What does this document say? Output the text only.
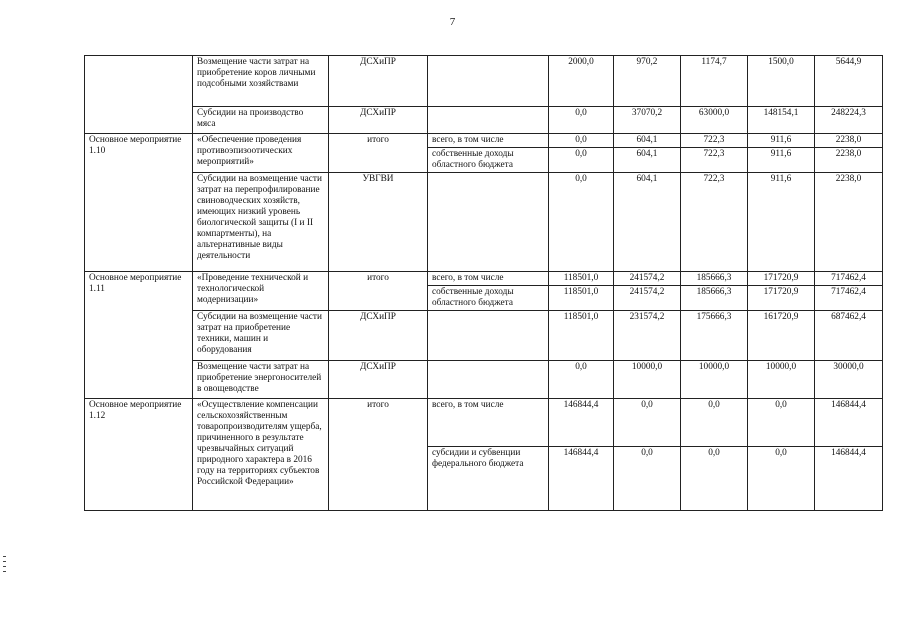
7
	Возмещение части затрат на приобретение коров личными подсобными хозяйствами	ДСХиПР		2000,0	970,2	1174,7	1500,0	5644,9
	Субсидии на производство мяса	ДСХиПР		0,0	37070,2	63000,0	148154,1	248224,3
Основное мероприятие 1.10	«Обеспечение проведения противоэпизоотических мероприятий»	итого	всего, в том числе	0,0	604,1	722,3	911,6	2238,0
			собственные доходы областного бюджета	0,0	604,1	722,3	911,6	2238,0
	Субсидии на возмещение части затрат на перепрофилирование свиноводческих хозяйств, имеющих низкий уровень биологической защиты (I и II компартменты), на альтернативные виды деятельности	УВГВИ		0,0	604,1	722,3	911,6	2238,0
Основное мероприятие 1.11	«Проведение технической и технологической модернизации»	итого	всего, в том числе	118501,0	241574,2	185666,3	171720,9	717462,4
			собственные доходы областного бюджета	118501,0	241574,2	185666,3	171720,9	717462,4
	Субсидии на возмещение части затрат на приобретение техники, машин и оборудования	ДСХиПР		118501,0	231574,2	175666,3	161720,9	687462,4
	Возмещение части затрат на приобретение энергоносителей в овощеводстве	ДСХиПР		0,0	10000,0	10000,0	10000,0	30000,0
Основное мероприятие 1.12	«Осуществление компенсации сельскохозяйственным товаропроизводителям ущерба, причиненного в результате чрезвычайных ситуаций природного характера в 2016 году на территориях субъектов Российской Федерации»	итого	всего, в том числе	146844,4	0,0	0,0	0,0	146844,4
			субсидии и субвенции федерального бюджета	146844,4	0,0	0,0	0,0	146844,4
